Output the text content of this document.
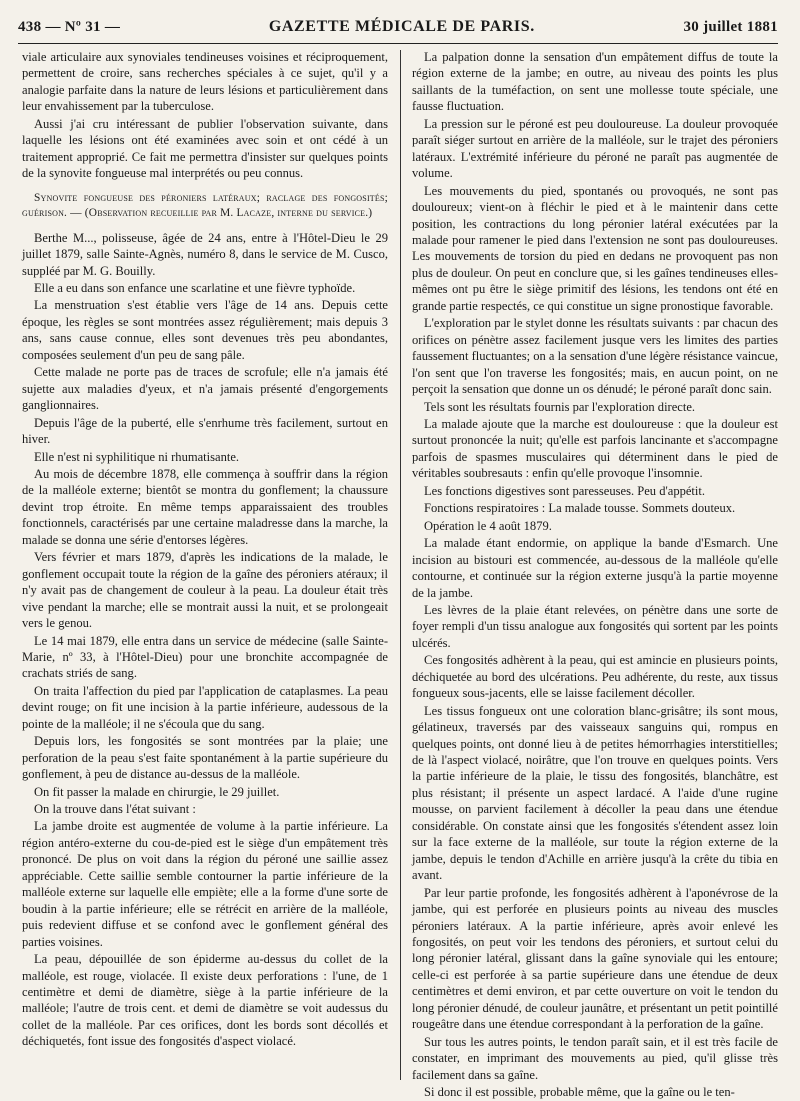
438 — Nº 31 —	GAZETTE MÉDICALE DE PARIS.	30 juillet 1881

viale articulaire aux synoviales tendineuses voisines et réciproquement, permettent de croire, sans recherches spéciales à ce sujet, qu'il y a analogie parfaite dans la nature de leurs lésions et particulièrement dans leur envahissement par la tuberculose.

Aussi j'ai cru intéressant de publier l'observation suivante, dans laquelle les lésions ont été examinées avec soin et ont cédé à un traitement approprié. Ce fait me permettra d'insister sur quelques points de la synovite fongueuse mal interprétés ou peu connus.

Synovite fongueuse des péroniers latéraux; raclage des fongosités; guérison. — (Observation recueillie par M. Lacaze, interne du service.)

Berthe M..., polisseuse, âgée de 24 ans, entre à l'Hôtel-Dieu le 29 juillet 1879, salle Sainte-Agnès, numéro 8, dans le service de M. Cusco, suppléé par M. G. Bouilly.

Elle a eu dans son enfance une scarlatine et une fièvre typhoïde.

La menstruation s'est établie vers l'âge de 14 ans. Depuis cette époque, les règles se sont montrées assez régulièrement; mais depuis 3 ans, sans cause connue, elles sont devenues très peu abondantes, composées seulement d'un peu de sang pâle.

Cette malade ne porte pas de traces de scrofule; elle n'a jamais été sujette aux maladies d'yeux, et n'a jamais présenté d'engorgements ganglionnaires.

Depuis l'âge de la puberté, elle s'enrhume très facilement, surtout en hiver.

Elle n'est ni syphilitique ni rhumatisante.

Au mois de décembre 1878, elle commença à souffrir dans la région de la malléole externe; bientôt se montra du gonflement; la chaussure devint trop étroite. En même temps apparaissaient des troubles fonctionnels, caractérisés par une certaine maladresse dans la marche, la malade se donna une série d'entorses légères.

Vers février et mars 1879, d'après les indications de la malade, le gonflement occupait toute la région de la gaîne des péroniers atéraux; il n'y avait pas de changement de couleur à la peau. La douleur était très vive pendant la marche; elle se montrait aussi la nuit, et se prolongeait vers le genou.

Le 14 mai 1879, elle entra dans un service de médecine (salle Sainte-Marie, nº 33, à l'Hôtel-Dieu) pour une bronchite accompagnée de crachats striés de sang.

On traita l'affection du pied par l'application de cataplasmes. La peau devint rouge; on fit une incision à la partie inférieure, audessous de la pointe de la malléole; il ne s'écoula que du sang.

Depuis lors, les fongosités se sont montrées par la plaie; une perforation de la peau s'est faite spontanément à la partie supérieure du gonflement, à peu de distance au-dessus de la malléole.

On fit passer la malade en chirurgie, le 29 juillet.

On la trouve dans l'état suivant :

La jambe droite est augmentée de volume à la partie inférieure. La région antéro-externe du cou-de-pied est le siège d'un empâtement très prononcé. De plus on voit dans la région du péroné une saillie assez appréciable. Cette saillie semble contourner la partie inférieure de la malléole externe sur laquelle elle empiète; elle a la forme d'une sorte de boudin à la partie inférieure; elle se rétrécit en arrière de la malléole, puis redevient diffuse et se confond avec le gonflement général des parties voisines.

La peau, dépouillée de son épiderme au-dessus du collet de la malléole, est rouge, violacée. Il existe deux perforations : l'une, de 1 centimètre et demi de diamètre, siège à la partie inférieure de la malléole; l'autre de trois cent. et demi de diamètre se voit audessus du collet de la malléole. Par ces orifices, dont les bords sont décollés et déchiquetés, font issue des fongosités d'aspect violacé.

La palpation donne la sensation d'un empâtement diffus de toute la région externe de la jambe; en outre, au niveau des points les plus saillants de la tuméfaction, on sent une mollesse toute spéciale, une fausse fluctuation.

La pression sur le péroné est peu douloureuse. La douleur provoquée paraît siéger surtout en arrière de la malléole, sur le trajet des péroniers latéraux. L'extrémité inférieure du péroné ne paraît pas augmentée de volume.

Les mouvements du pied, spontanés ou provoqués, ne sont pas douloureux; vient-on à fléchir le pied et à le maintenir dans cette position, les contractions du long péronier latéral exécutées par la malade pour ramener le pied dans l'extension ne sont pas douloureuses. Les mouvements de torsion du pied en dedans ne provoquent pas non plus de douleur. On peut en conclure que, si les gaînes tendineuses elles-mêmes ont pu être le siège primitif des lésions, les tendons ont été en grande partie respectés, ce qui constitue un signe pronostique favorable.

L'exploration par le stylet donne les résultats suivants : par chacun des orifices on pénètre assez facilement jusque vers les limites des parties faussement fluctuantes; on a la sensation d'une légère résistance vaincue, l'on sent que l'on traverse les fongosités; mais, en aucun point, on ne perçoit la sensation que donne un os dénudé; le péroné paraît donc sain.

Tels sont les résultats fournis par l'exploration directe.

La malade ajoute que la marche est douloureuse : que la douleur est surtout prononcée la nuit; qu'elle est parfois lancinante et s'accompagne parfois de spasmes musculaires qui déterminent dans le pied de véritables soubresauts : enfin qu'elle provoque l'insomnie.

Les fonctions digestives sont paresseuses. Peu d'appétit.

Fonctions respiratoires : La malade tousse. Sommets douteux.

Opération le 4 août 1879.

La malade étant endormie, on applique la bande d'Esmarch. Une incision au bistouri est commencée, au-dessous de la malléole qu'elle contourne, et continuée sur la région externe jusqu'à la partie moyenne de la jambe.

Les lèvres de la plaie étant relevées, on pénètre dans une sorte de foyer rempli d'un tissu analogue aux fongosités qui sortent par les points ulcérés.

Ces fongosités adhèrent à la peau, qui est amincie en plusieurs points, déchiquetée au bord des ulcérations. Peu adhérente, du reste, aux tissus fongueux sous-jacents, elle se laisse facilement décoller.

Les tissus fongueux ont une coloration blanc-grisâtre; ils sont mous, gélatineux, traversés par des vaisseaux sanguins qui, rompus en quelques points, ont donné lieu à de petites hémorrhagies interstitielles; de là l'aspect violacé, noirâtre, que l'on trouve en quelques points. Vers la partie inférieure de la plaie, le tissu des fongosités, blanchâtre, est plus résistant; il présente un aspect lardacé. A l'aide d'une rugine mousse, on parvient facilement à décoller la peau dans une étendue considérable. On constate ainsi que les fongosités s'étendent assez loin sur la face externe de la malléole, sur toute la région externe de la jambe, depuis le tendon d'Achille en arrière jusqu'à la crête du tibia en avant.

Par leur partie profonde, les fongosités adhèrent à l'aponévrose de la jambe, qui est perforée en plusieurs points au niveau des muscles péroniers latéraux. A la partie inférieure, après avoir enlevé les fongosités, on peut voir les tendons des péroniers, et surtout celui du long péronier latéral, glissant dans la gaîne synoviale qui les entoure; celle-ci est perforée à sa partie supérieure dans une étendue de deux centimètres et demi environ, et par cette ouverture on voit le tendon du long péronier dénudé, de couleur jaunâtre, et présentant un petit pointillé rougeâtre dans une étendue correspondant à la perforation de la gaîne.

Sur tous les autres points, le tendon paraît sain, et il est très facile de constater, en imprimant des mouvements au pied, qu'il glisse très facilement dans sa gaîne.

Si donc il est possible, probable même, que la gaîne ou le ten-
